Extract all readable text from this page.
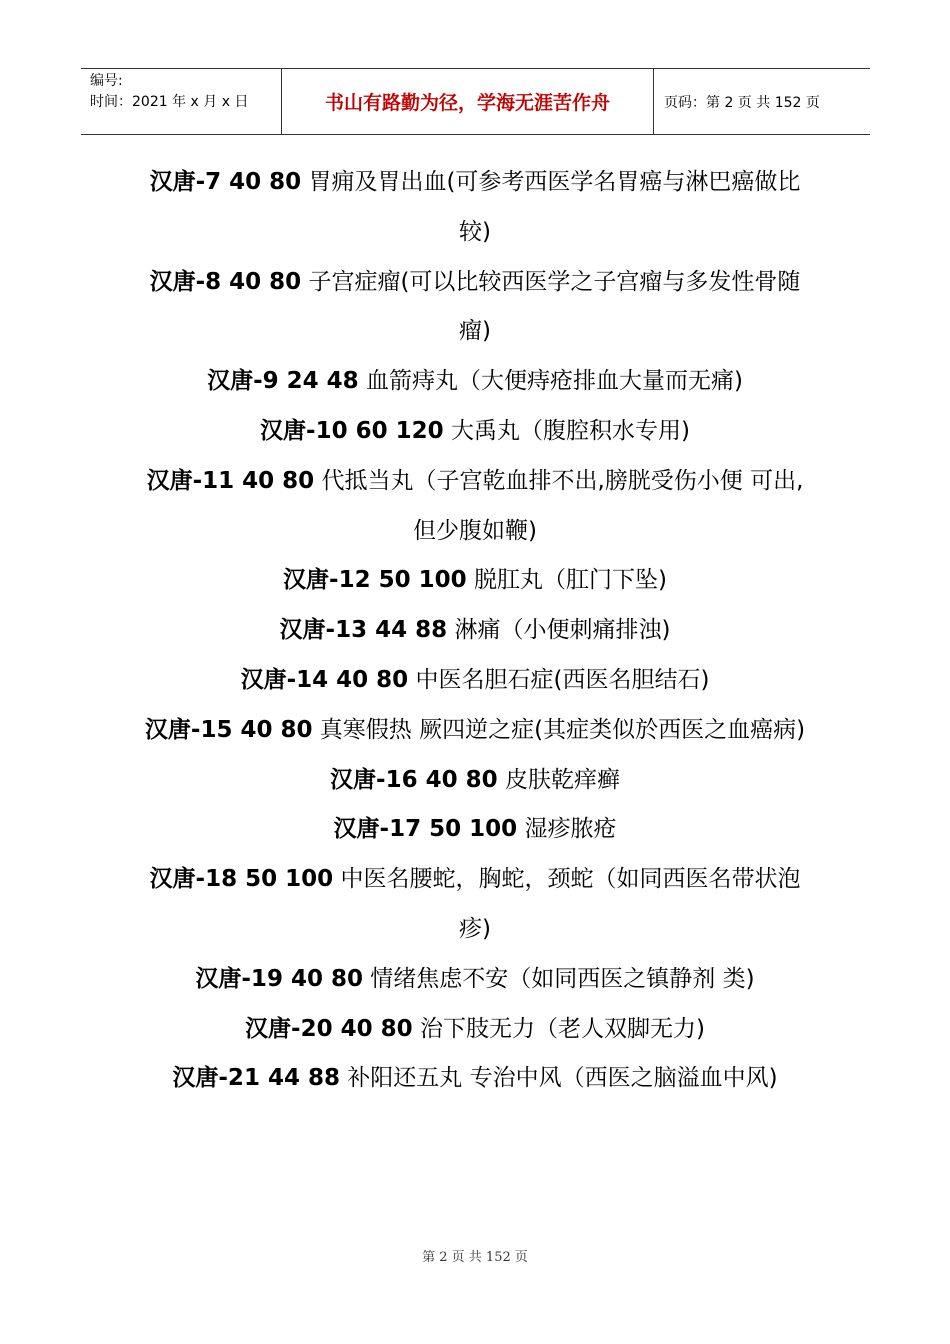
编号:
时间：2021 年 x 月 x 日	书山有路勤为径，学海无涯苦作舟	页码：第 2 页 共 152 页

汉唐-7 40 80 胃痈及胃出血(可参考西医学名胃癌与淋巴癌做比较)

汉唐-8 40 80 子宫症瘤(可以比较西医学之子宫瘤与多发性骨随瘤)

汉唐-9 24 48 血箭痔丸（大便痔疮排血大量而无痛)

汉唐-10 60 120 大禹丸（腹腔积水专用)

汉唐-11 40 80 代抵当丸（子宫乾血排不出,膀胱受伤小便 可出,但少腹如鞭)

汉唐-12 50 100 脱肛丸（肛门下坠)

汉唐-13 44 88 淋痛（小便刺痛排浊)

汉唐-14 40 80 中医名胆石症(西医名胆结石)

汉唐-15 40 80 真寒假热 厥四逆之症(其症类似於西医之血癌病)

汉唐-16 40 80 皮肤乾痒癣

汉唐-17 50 100 湿疹脓疮

汉唐-18 50 100 中医名腰蛇，胸蛇，颈蛇（如同西医名带状泡疹)

汉唐-19 40 80 情绪焦虑不安（如同西医之镇静剂 类)

汉唐-20 40 80 治下肢无力（老人双脚无力)

汉唐-21 44 88 补阳还五丸 专治中风（西医之脑溢血中风)

第 2 页 共 152 页
